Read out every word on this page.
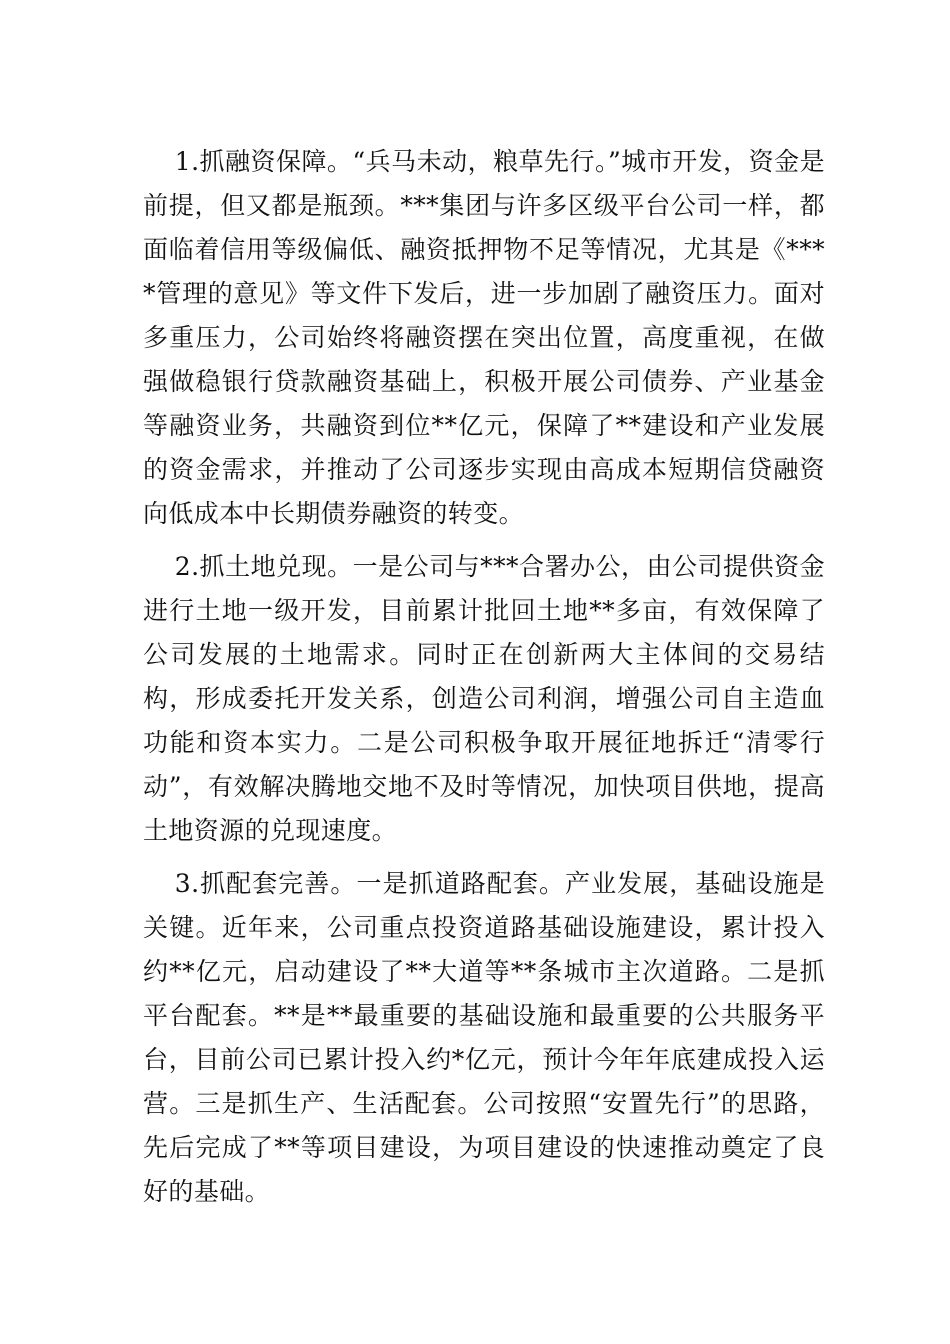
1.抓融资保障。“兵马未动，粮草先行。”城市开发，资金是前提，但又都是瓶颈。***集团与许多区级平台公司一样，都面临着信用等级偏低、融资抵押物不足等情况，尤其是《****管理的意见》等文件下发后，进一步加剧了融资压力。面对多重压力，公司始终将融资摆在突出位置，高度重视，在做强做稳银行贷款融资基础上，积极开展公司债券、产业基金等融资业务，共融资到位**亿元，保障了**建设和产业发展的资金需求，并推动了公司逐步实现由高成本短期信贷融资向低成本中长期债券融资的转变。

2.抓土地兑现。一是公司与***合署办公，由公司提供资金进行土地一级开发，目前累计批回土地**多亩，有效保障了公司发展的土地需求。同时正在创新两大主体间的交易结构，形成委托开发关系，创造公司利润，增强公司自主造血功能和资本实力。二是公司积极争取开展征地拆迁“清零行动”，有效解决腾地交地不及时等情况，加快项目供地，提高土地资源的兑现速度。

3.抓配套完善。一是抓道路配套。产业发展，基础设施是关键。近年来，公司重点投资道路基础设施建设，累计投入约**亿元，启动建设了**大道等**条城市主次道路。二是抓平台配套。**是**最重要的基础设施和最重要的公共服务平台，目前公司已累计投入约*亿元，预计今年年底建成投入运营。三是抓生产、生活配套。公司按照“安置先行”的思路，先后完成了**等项目建设，为项目建设的快速推动奠定了良好的基础。
